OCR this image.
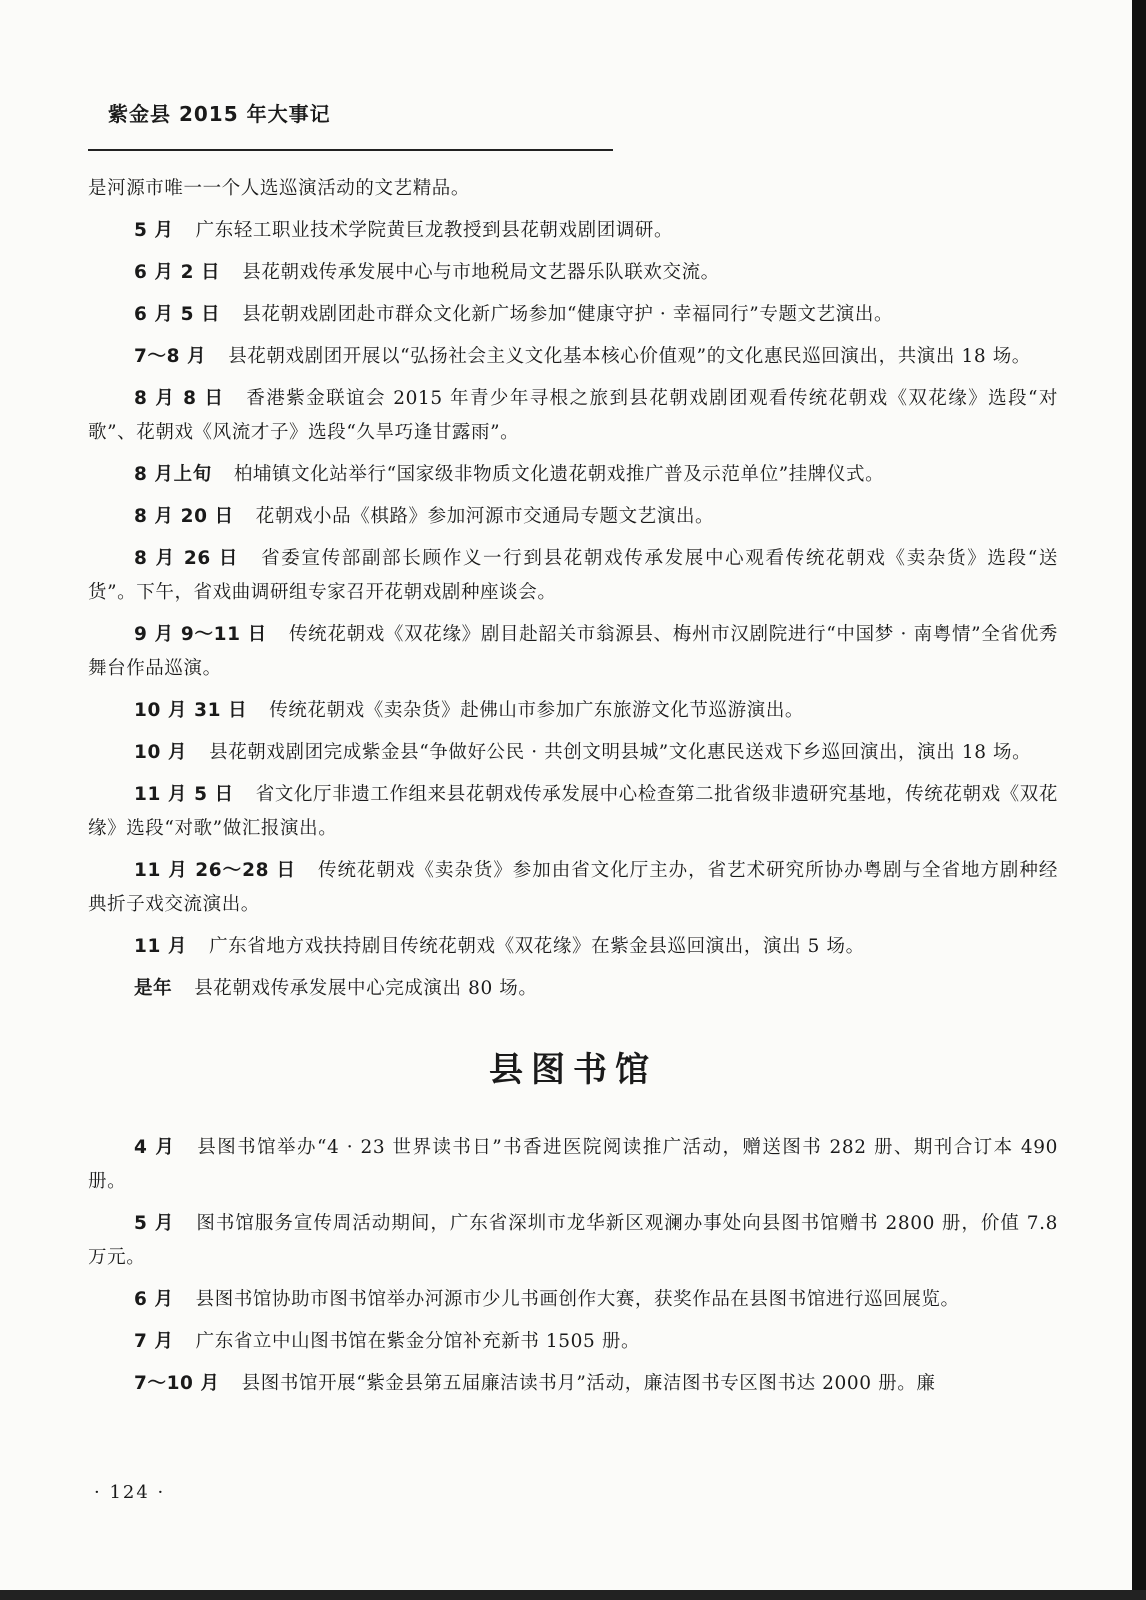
紫金县 2015 年大事记

是河源市唯一一个人选巡演活动的文艺精品。

5 月 广东轻工职业技术学院黄巨龙教授到县花朝戏剧团调研。

6 月 2 日 县花朝戏传承发展中心与市地税局文艺器乐队联欢交流。

6 月 5 日 县花朝戏剧团赴市群众文化新广场参加“健康守护 · 幸福同行”专题文艺演出。

7～8 月 县花朝戏剧团开展以“弘扬社会主义文化基本核心价值观”的文化惠民巡回演出，共演出 18 场。

8 月 8 日 香港紫金联谊会 2015 年青少年寻根之旅到县花朝戏剧团观看传统花朝戏《双花缘》选段“对歌”、花朝戏《风流才子》选段“久旱巧逢甘露雨”。

8 月上旬 柏埔镇文化站举行“国家级非物质文化遗花朝戏推广普及示范单位”挂牌仪式。

8 月 20 日 花朝戏小品《棋路》参加河源市交通局专题文艺演出。

8 月 26 日 省委宣传部副部长顾作义一行到县花朝戏传承发展中心观看传统花朝戏《卖杂货》选段“送货”。下午，省戏曲调研组专家召开花朝戏剧种座谈会。

9 月 9～11 日 传统花朝戏《双花缘》剧目赴韶关市翁源县、梅州市汉剧院进行“中国梦 · 南粤情”全省优秀舞台作品巡演。

10 月 31 日 传统花朝戏《卖杂货》赴佛山市参加广东旅游文化节巡游演出。

10 月 县花朝戏剧团完成紫金县“争做好公民 · 共创文明县城”文化惠民送戏下乡巡回演出，演出 18 场。

11 月 5 日 省文化厅非遗工作组来县花朝戏传承发展中心检查第二批省级非遗研究基地，传统花朝戏《双花缘》选段“对歌”做汇报演出。

11 月 26～28 日 传统花朝戏《卖杂货》参加由省文化厅主办，省艺术研究所协办粤剧与全省地方剧种经典折子戏交流演出。

11 月 广东省地方戏扶持剧目传统花朝戏《双花缘》在紫金县巡回演出，演出 5 场。

是年 县花朝戏传承发展中心完成演出 80 场。

县图书馆

4 月 县图书馆举办“4 · 23 世界读书日”书香进医院阅读推广活动，赠送图书 282 册、期刊合订本 490 册。

5 月 图书馆服务宣传周活动期间，广东省深圳市龙华新区观澜办事处向县图书馆赠书 2800 册，价值 7.8 万元。

6 月 县图书馆协助市图书馆举办河源市少儿书画创作大赛，获奖作品在县图书馆进行巡回展览。

7 月 广东省立中山图书馆在紫金分馆补充新书 1505 册。

7～10 月 县图书馆开展“紫金县第五届廉洁读书月”活动，廉洁图书专区图书达 2000 册。廉

· 124 ·
